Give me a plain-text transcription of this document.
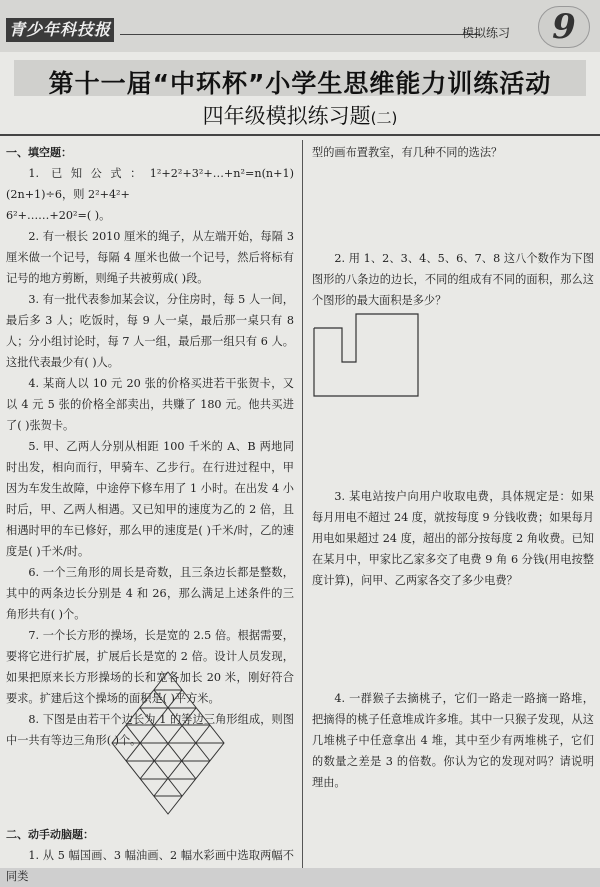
青少年科技报	模拟练习	9
第十一届“中环杯”小学生思维能力训练活动
四年级模拟练习题(二)

一、填空题：

1. 已知公式：1²+2²+3²+…+n²=n(n+1)(2n+1)÷6，则 2²+4²+

6²+……+20²=( )。

2. 有一根长 2010 厘米的绳子，从左端开始，每隔 3 厘米做一个记号，每隔 4 厘米也做一个记号，然后将标有记号的地方剪断，则绳子共被剪成( )段。

3. 有一批代表参加某会议，分住房时，每 5 人一间，最后多 3 人；吃饭时，每 9 人一桌，最后那一桌只有 8 人；分小组讨论时，每 7 人一组，最后那一组只有 6 人。这批代表最少有( )人。

4. 某商人以 10 元 20 张的价格买进若干张贺卡，又以 4 元 5 张的价格全部卖出，共赚了 180 元。他共买进了( )张贺卡。

5. 甲、乙两人分别从相距 100 千米的 A、B 两地同时出发，相向而行，甲骑车、乙步行。在行进过程中，甲因为车发生故障，中途停下修车用了 1 小时。在出发 4 小时后，甲、乙两人相遇。又已知甲的速度为乙的 2 倍，且相遇时甲的车已修好，那么甲的速度是( )千米/时，乙的速度是( )千米/时。

6. 一个三角形的周长是奇数，且三条边长都是整数，其中的两条边长分别是 4 和 26，那么满足上述条件的三角形共有( )个。

7. 一个长方形的操场，长是宽的 2.5 倍。根据需要，要将它进行扩展，扩展后长是宽的 2 倍。设计人员发现，如果把原来长方形操场的长和宽各加长 20 米，刚好符合要求。扩建后这个操场的面积是( )平方米。

8. 下图是由若干个边长为 1 的等边三角形组成，则图中一共有等边三角形( )个。

二、动手动脑题：

1. 从 5 幅国画、3 幅油画、2 幅水彩画中选取两幅不同类

型的画布置教室，有几种不同的选法？

2. 用 1、2、3、4、5、6、7、8 这八个数作为下图图形的八条边的边长，不同的组成有不同的面积，那么这个图形的最大面积是多少？

3. 某电站按户向用户收取电费，具体规定是：如果每月用电不超过 24 度，就按每度 9 分钱收费；如果每月用电如果超过 24 度，超出的部分按每度 2 角收费。已知在某月中，甲家比乙家多交了电费 9 角 6 分钱(用电按整度计算)，问甲、乙两家各交了多少电费？

4. 一群猴子去摘桃子，它们一路走一路摘一路堆，把摘得的桃子任意堆成许多堆。其中一只猴子发现，从这几堆桃子中任意拿出 4 堆，其中至少有两堆桃子，它们的数量之差是 3 的倍数。你认为它的发现对吗？请说明理由。
